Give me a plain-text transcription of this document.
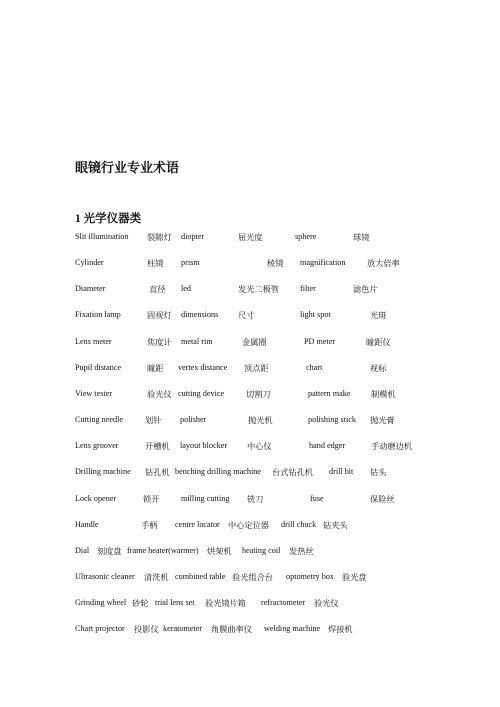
眼镜行业专业术语
1 光学仪器类
Slit illumination 裂隙灯 diopter	屈光度	sphere	球镜
Cylinder	柱镜 prism	棱镜 magnification	放大倍率
Diameter	直径 led	发光二极管	filter	滤色片
Fixation lamp	固视灯 dimensions 尺寸	light spot	光斑
Lens meter	焦度计 metal rim	金属圈	PD meter	瞳距仪
Pupil distance	瞳距 vertex distance 顶点距	chart	视标
View tester	验光仪 cutting device	切割刀	pattern make 制模机
Cutting needle	划针 polisher	抛光机	polishing stick 抛光膏
Lens groover	开槽机 layout blocker 中心仪	hand edger	手动磨边机
Drilling machine 钻孔机 benching drilling machine 台式钻孔机 drill bit 钻头
Lock opener	锁开	milling cutting 铣刀	fuse	保险丝
Handle	手柄 centre locator 中心定位器 drill chuck 钻夹头
Dial 刻度盘 frame heater(warmer) 烘架机 heating coil 发热丝
Ultrasonic cleaner 清洗机 combined table 验光组合台 optometry box 验光盘
Grinding wheel 砂轮 trial lens set 验光镜片箱 refractometer 验光仪
Chart projector 投影仪 keratometer 角膜曲率仪 welding machine 焊接机
